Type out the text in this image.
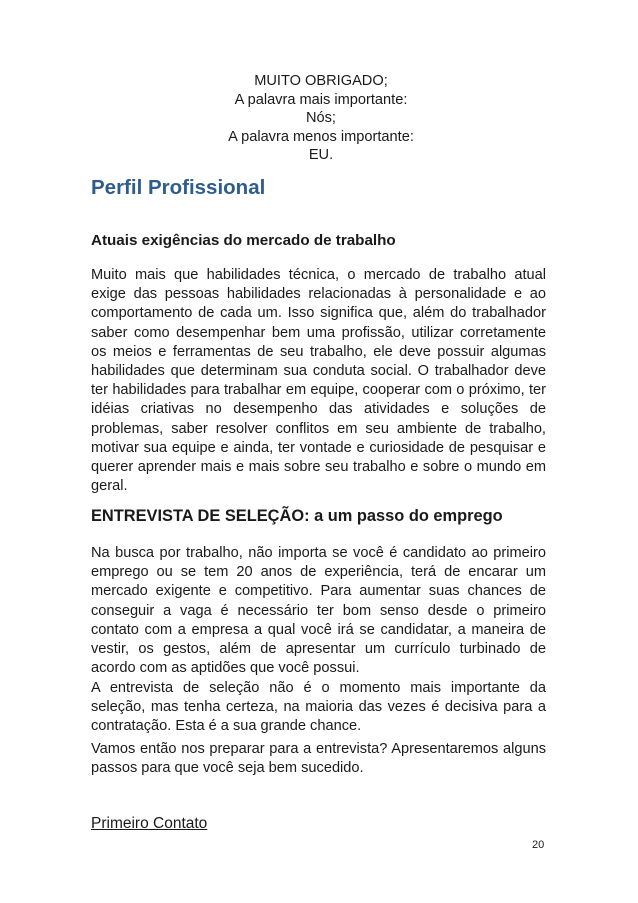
MUITO OBRIGADO;
A palavra mais importante:
Nós;
A palavra menos importante:
EU.
Perfil Profissional
Atuais exigências do mercado de trabalho

Muito mais que habilidades técnica, o mercado de trabalho atual exige das pessoas habilidades relacionadas à personalidade e ao comportamento de cada um. Isso significa que, além do trabalhador saber como desempenhar bem uma profissão, utilizar corretamente os meios e ferramentas de seu trabalho, ele deve possuir algumas habilidades que determinam sua conduta social. O trabalhador deve ter habilidades para trabalhar em equipe, cooperar com o próximo, ter idéias criativas no desempenho das atividades e soluções de problemas, saber resolver conflitos em seu ambiente de trabalho, motivar sua equipe e ainda, ter vontade e curiosidade de pesquisar e querer aprender mais e mais sobre seu trabalho e sobre o mundo em geral.

ENTREVISTA DE SELEÇÃO: a um passo do emprego

Na busca por trabalho, não importa se você é candidato ao primeiro emprego ou se tem 20 anos de experiência, terá de encarar um mercado exigente e competitivo. Para aumentar suas chances de conseguir a vaga é necessário ter bom senso desde o primeiro contato com a empresa a qual você irá se candidatar, a maneira de vestir, os gestos, além de apresentar um currículo turbinado de acordo com as aptidões que você possui.

A entrevista de seleção não é o momento mais importante da seleção, mas tenha certeza, na maioria das vezes é decisiva para a contratação. Esta é a sua grande chance.

Vamos então nos preparar para a entrevista? Apresentaremos alguns passos para que você seja bem sucedido.

Primeiro Contato
20
